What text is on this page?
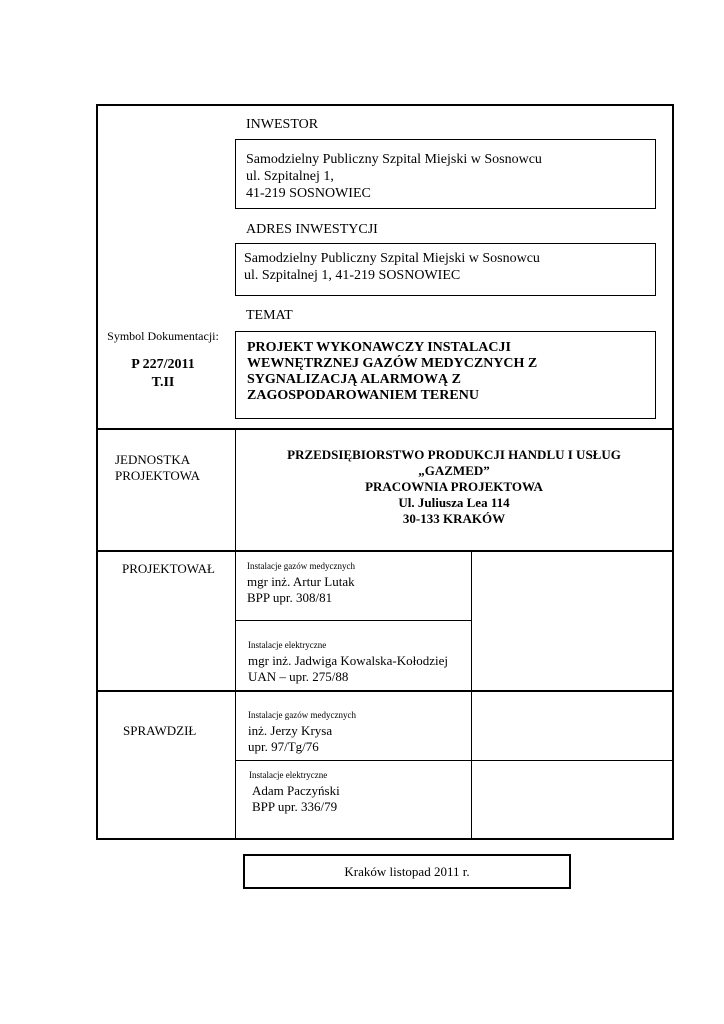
INWESTOR
Samodzielny Publiczny Szpital Miejski w Sosnowcu
ul. Szpitalnej 1,
41-219 SOSNOWIEC
ADRES INWESTYCJI
Samodzielny Publiczny Szpital Miejski w Sosnowcu
ul. Szpitalnej 1, 41-219 SOSNOWIEC
TEMAT
PROJEKT WYKONAWCZY INSTALACJI
WEWNĘTRZNEJ GAZÓW MEDYCZNYCH Z
SYGNALIZACJĄ ALARMOWĄ Z
ZAGOSPODAROWANIEM TERENU
Symbol Dokumentacji:
P 227/2011
T.II
JEDNOSTKA
PROJEKTOWA
PRZEDSIĘBIORSTWO PRODUKCJI HANDLU I USŁUG
„GAZMED”
PRACOWNIA PROJEKTOWA
Ul. Juliusza Lea 114
30-133 KRAKÓW
PROJEKTOWAŁ	Instalacje gazów medycznych
mgr inż. Artur Lutak
BPP upr. 308/81
Instalacje elektryczne
mgr inż. Jadwiga Kowalska-Kołodziej
UAN – upr. 275/88
SPRAWDZIŁ
Instalacje gazów medycznych
inż. Jerzy Krysa
upr. 97/Tg/76
Instalacje elektryczne
Adam Paczyński
BPP upr. 336/79
Kraków listopad 2011 r.
